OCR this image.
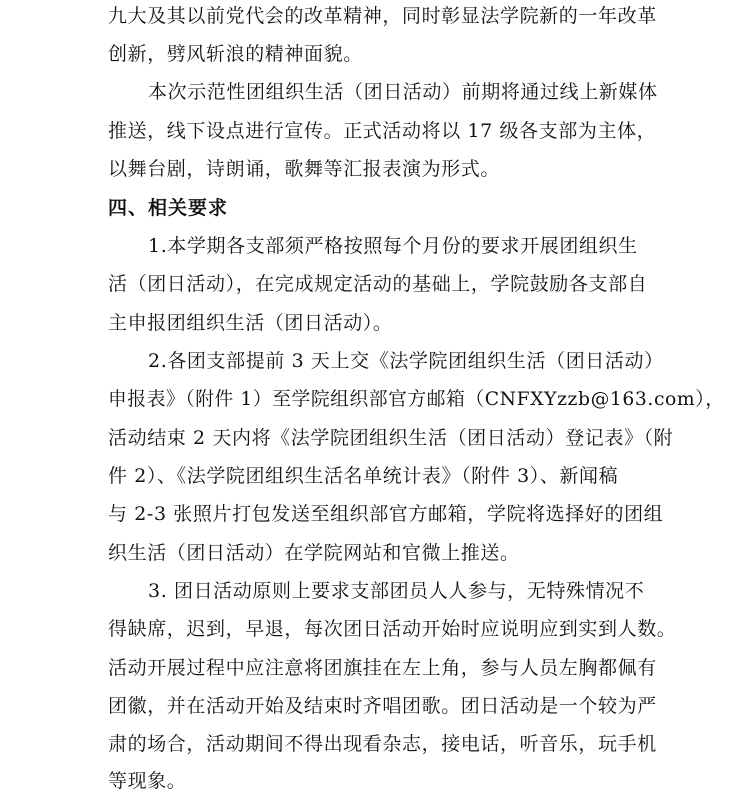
九大及其以前党代会的改革精神，同时彰显法学院新的一年改革
创新，劈风斩浪的精神面貌。
本次示范性团组织生活（团日活动）前期将通过线上新媒体
推送，线下设点进行宣传。正式活动将以 17 级各支部为主体，
以舞台剧，诗朗诵，歌舞等汇报表演为形式。
四、相关要求
1.本学期各支部须严格按照每个月份的要求开展团组织生
活（团日活动），在完成规定活动的基础上，学院鼓励各支部自
主申报团组织生活（团日活动）。
2.各团支部提前 3 天上交《法学院团组织生活（团日活动）
申报表》（附件 1）至学院组织部官方邮箱（CNFXYzzb@163.com），
活动结束 2 天内将《法学院团组织生活（团日活动）登记表》（附
件 2）、《法学院团组织生活名单统计表》（附件 3）、新闻稿
与 2-3 张照片打包发送至组织部官方邮箱，学院将选择好的团组
织生活（团日活动）在学院网站和官微上推送。
3. 团日活动原则上要求支部团员人人参与，无特殊情况不
得缺席，迟到，早退，每次团日活动开始时应说明应到实到人数。
活动开展过程中应注意将团旗挂在左上角，参与人员左胸都佩有
团徽，并在活动开始及结束时齐唱团歌。团日活动是一个较为严
肃的场合，活动期间不得出现看杂志，接电话，听音乐，玩手机
等现象。
